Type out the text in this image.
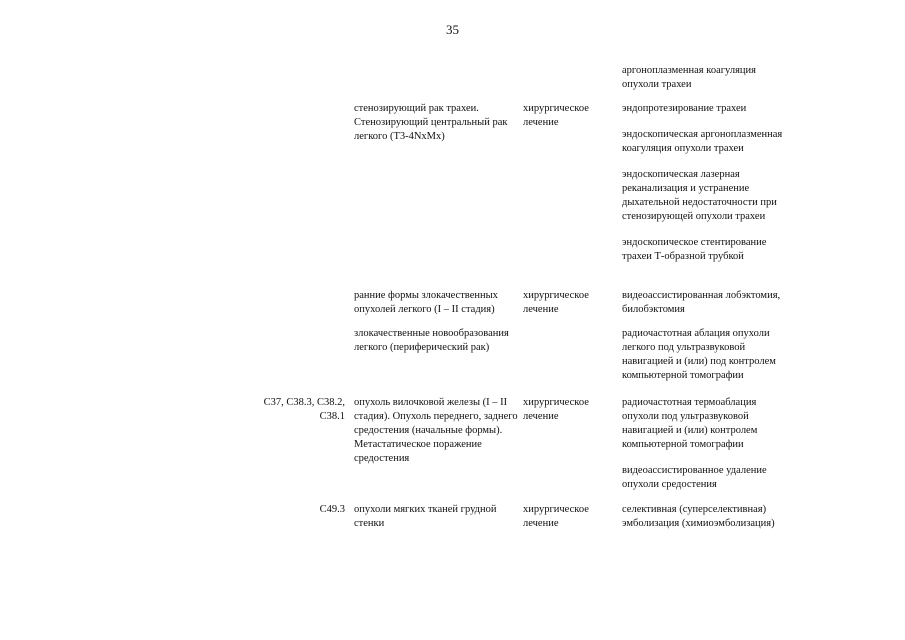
35

аргоноплазменная коагуляция опухоли трахеи

стенозирующий рак трахеи. Стенозирующий центральный рак легкого (T3-4NxMx)
хирургическое лечение

эндопротезирование трахеи

эндоскопическая аргоноплазменная коагуляция опухоли трахеи

эндоскопическая лазерная реканализация и устранение дыхательной недостаточности при стенозирующей опухоли трахеи

эндоскопическое стентирование трахеи Т-образной трубкой

ранние формы злокачественных опухолей легкого (I – II стадия)
хирургическое лечение

видеоассистированная лобэктомия, билобэктомия

злокачественные новообразования легкого (периферический рак)

радиочастотная аблация опухоли легкого под ультразвуковой навигацией и (или) под контролем компьютерной томографии

C37, C38.3, C38.2, C38.1
опухоль вилочковой железы (I – II стадия). Опухоль переднего, заднего средостения (начальные формы). Метастатическое поражение средостения
хирургическое лечение

радиочастотная термоаблация опухоли под ультразвуковой навигацией и (или) контролем компьютерной томографии

видеоассистированное удаление опухоли средостения

C49.3 опухоли мягких тканей грудной стенки
хирургическое лечение

селективная (суперселективная) эмболизация (химиоэмболизация)
